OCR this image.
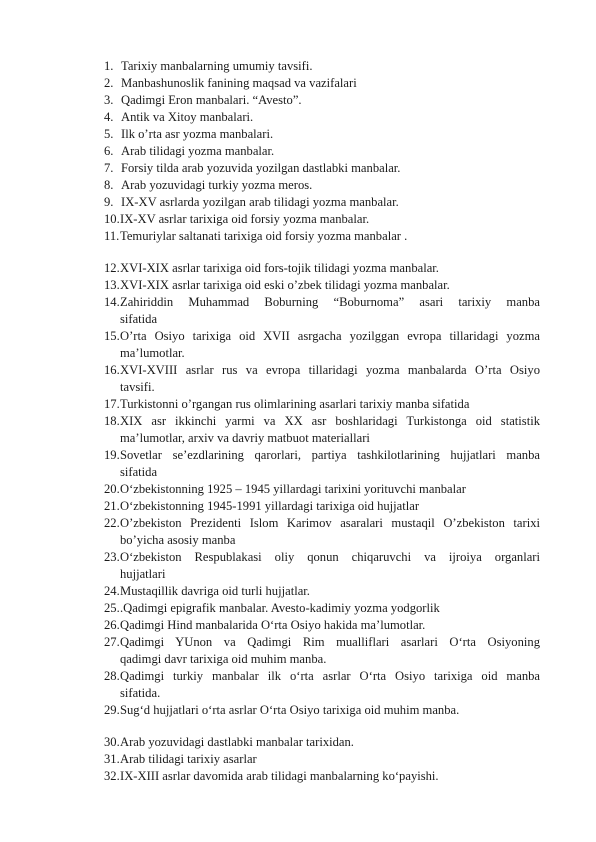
1. Tarixiy manbalarning umumiy tavsifi.
2. Manbashunoslik fanining maqsad va vazifalari
3. Qadimgi Eron manbalari. “Avesto”.
4. Antik va Xitoy manbalari.
5. Ilk o’rta asr yozma manbalari.
6. Arab tilidagi yozma manbalar.
7. Forsiy tilda arab yozuvida yozilgan dastlabki manbalar.
8. Arab yozuvidagi turkiy yozma meros.
9. IX-XV asrlarda yozilgan arab tilidagi yozma manbalar.
10. IX-XV asrlar tarixiga oid forsiy yozma manbalar.
11. Temuriylar saltanati tarixiga oid forsiy yozma manbalar .
12. XVI-XIX asrlar tarixiga oid fors-tojik tilidagi yozma manbalar.
13. XVI-XIX asrlar tarixiga oid eski o’zbek tilidagi yozma manbalar.
14. Zahiriddin Muhammad Boburning “Boburnoma” asari tarixiy manba
sifatida
15. O’rta Osiyo tarixiga oid XVII asrgacha yozilggan evropa tillaridagi yozma
ma’lumotlar.
16. XVI-XVIII asrlar rus va evropa tillaridagi yozma manbalarda O’rta Osiyo
tavsifi.
17. Turkistonni o’rgangan rus olimlarining asarlari tarixiy manba sifatida
18. XIX asr ikkinchi yarmi va XX asr boshlaridagi Turkistonga oid statistik
ma’lumotlar, arxiv va davriy matbuot materiallari
19. Sovetlar se’ezdlarining qarorlari, partiya tashkilotlarining hujjatlari manba
sifatida
20. O‘zbekistonning 1925 – 1945 yillardagi tarixini yorituvchi manbalar
21. O‘zbekistonning 1945-1991 yillardagi tarixiga oid hujjatlar
22. O’zbekiston Prezidenti Islom Karimov asaralari mustaqil O’zbekiston tarixi
bo’yicha asosiy manba
23. O‘zbekiston Respublakasi oliy qonun chiqaruvchi va ijroiya organlari
hujjatlari
24. Mustaqillik davriga oid turli hujjatlar.
25. .Qadimgi epigrafik manbalar. Avesto-kadimiy yozma yodgorlik
26. Qadimgi Hind manbalarida O‘rta Osiyo hakida ma’lumotlar.
27. Qadimgi YUnon va Qadimgi Rim mualliflari asarlari O‘rta Osiyoning
qadimgi davr tarixiga oid muhim manba.
28. Qadimgi turkiy manbalar ilk o‘rta asrlar O‘rta Osiyo tarixiga oid manba
sifatida.
29. Sug‘d hujjatlari o‘rta asrlar O‘rta Osiyo tarixiga oid muhim manba.
30. Arab yozuvidagi dastlabki manbalar tarixidan.
31. Arab tilidagi tarixiy asarlar
32. IX-XIII asrlar davomida arab tilidagi manbalarning ko‘payishi.
